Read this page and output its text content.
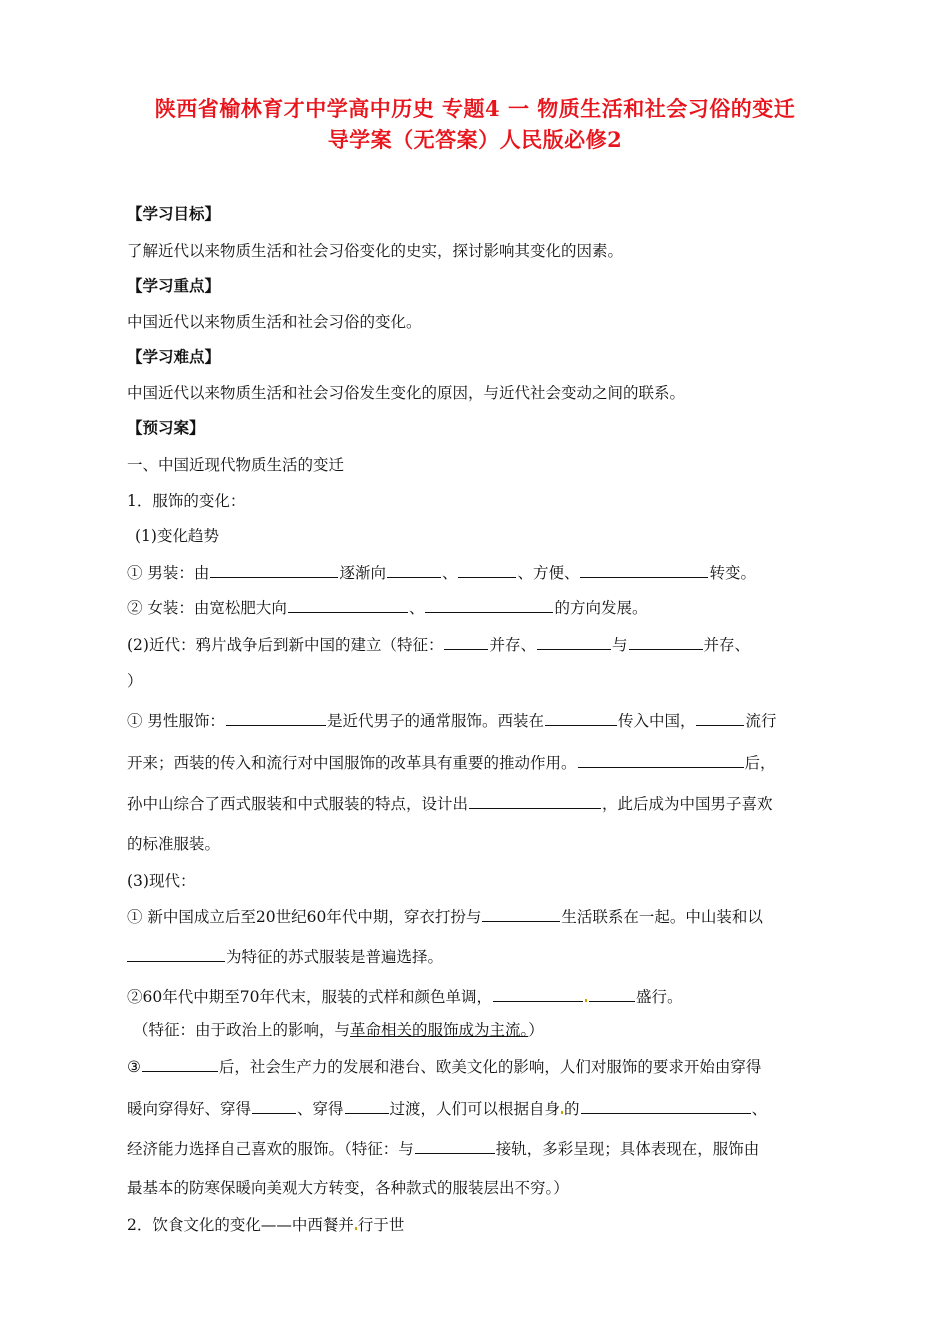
陕西省榆林育才中学高中历史 专题4 一 物质生活和社会习俗的变迁
导学案（无答案）人民版必修2
【学习目标】
了解近代以来物质生活和社会习俗变化的史实，探讨影响其变化的因素。
【学习重点】
中国近代以来物质生活和社会习俗的变化。
【学习难点】
中国近代以来物质生活和社会习俗发生变化的原因，与近代社会变动之间的联系。
【预习案】
一、中国近现代物质生活的变迁
1．服饰的变化：
(1)变化趋势
① 男装：由	逐渐向	、	、方便、	转变。
② 女装：由宽松肥大向	、	的方向发展。
(2)近代：鸦片战争后到新中国的建立（特征：	并存、	与	并存、
）
① 男性服饰：	是近代男子的通常服饰。西装在	传入中国，	流行
开来；西装的传入和流行对中国服饰的改革具有重要的推动作用。	后，
孙中山综合了西式服装和中式服装的特点，设计出	，此后成为中国男子喜欢
的标准服装。
(3)现代：
① 新中国成立后至20世纪60年代中期，穿衣打扮与	生活联系在一起。中山装和以
为特征的苏式服装是普遍选择。
②60年代中期至70年代末，服装的式样和颜色单调，	盛行。
（特征：由于政治上的影响，与革命相关的服饰成为主流。）
③	后，社会生产力的发展和港台、欧美文化的影响，人们对服饰的要求开始由穿得
暖向穿得好、穿得	、穿得	过渡，人们可以根据自身 的	、
经济能力选择自己喜欢的服饰。（特征：与	接轨，多彩呈现；具体表现在，服饰由
最基本的防寒保暖向美观大方转变，各种款式的服装层出不穷。）
2．饮食文化的变化——中西餐并 行于世
